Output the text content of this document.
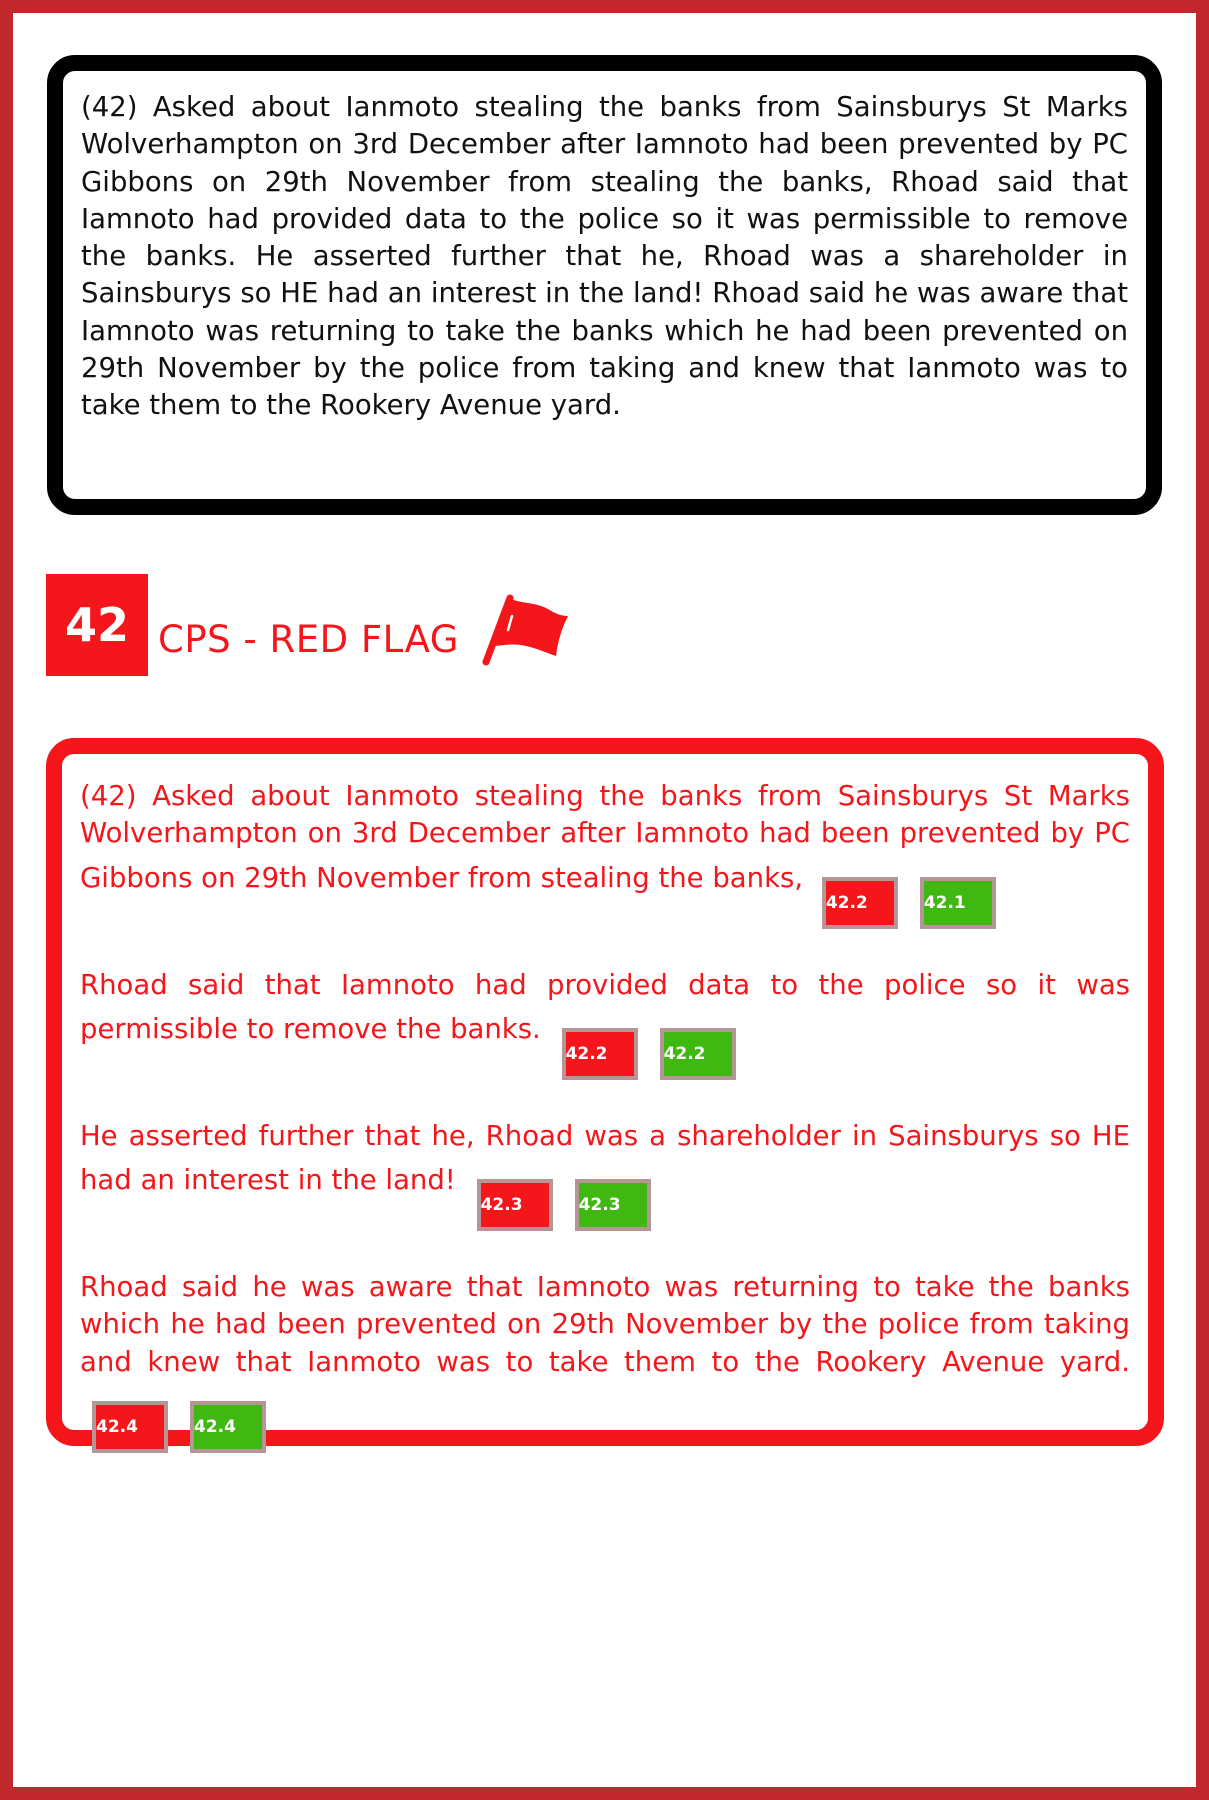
(42) Asked about Ianmoto stealing the banks from Sainsburys St Marks Wolverhampton on 3rd December after Iamnoto had been prevented by PC Gibbons on 29th November from stealing the banks, Rhoad said that Iamnoto had provided data to the police so it was permissible to remove the banks. He asserted further that he, Rhoad was a shareholder in Sainsburys so HE had an interest in the land! Rhoad said he was aware that Iamnoto was returning to take the banks which he had been prevented on 29th November by the police from taking and knew that Ianmoto was to take them to the Rookery Avenue yard.

42 CPS - RED FLAG

(42) Asked about Ianmoto stealing the banks from Sainsburys St Marks Wolverhampton on 3rd December after Iamnoto had been prevented by PC Gibbons on 29th November from stealing the banks, 42.2	42.1

Rhoad said that Iamnoto had provided data to the police so it was permissible to remove the banks. 42.2	42.2

He asserted further that he, Rhoad was a shareholder in Sainsburys so HE had an interest in the land! 42.3	42.3

Rhoad said he was aware that Iamnoto was returning to take the banks which he had been prevented on 29th November by the police from taking and knew that Ianmoto was to take them to the Rookery Avenue yard. 42.4	42.4
